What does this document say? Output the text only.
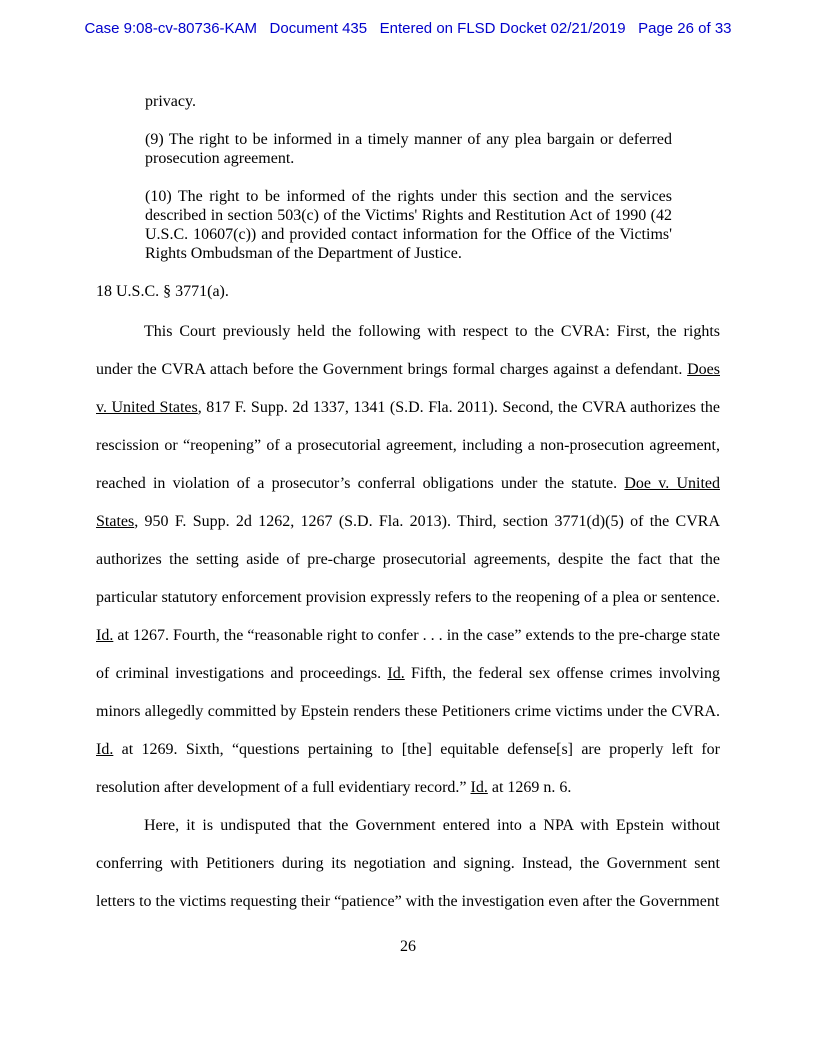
Case 9:08-cv-80736-KAM   Document 435   Entered on FLSD Docket 02/21/2019   Page 26 of 33

privacy.

(9) The right to be informed in a timely manner of any plea bargain or deferred prosecution agreement.

(10) The right to be informed of the rights under this section and the services described in section 503(c) of the Victims' Rights and Restitution Act of 1990 (42 U.S.C. 10607(c)) and provided contact information for the Office of the Victims' Rights Ombudsman of the Department of Justice.

18 U.S.C. § 3771(a).

This Court previously held the following with respect to the CVRA: First, the rights under the CVRA attach before the Government brings formal charges against a defendant. Does v. United States, 817 F. Supp. 2d 1337, 1341 (S.D. Fla. 2011). Second, the CVRA authorizes the rescission or “reopening” of a prosecutorial agreement, including a non-prosecution agreement, reached in violation of a prosecutor’s conferral obligations under the statute. Doe v. United States, 950 F. Supp. 2d 1262, 1267 (S.D. Fla. 2013). Third, section 3771(d)(5) of the CVRA authorizes the setting aside of pre-charge prosecutorial agreements, despite the fact that the particular statutory enforcement provision expressly refers to the reopening of a plea or sentence. Id. at 1267. Fourth, the “reasonable right to confer . . . in the case” extends to the pre-charge state of criminal investigations and proceedings. Id. Fifth, the federal sex offense crimes involving minors allegedly committed by Epstein renders these Petitioners crime victims under the CVRA. Id. at 1269. Sixth, “questions pertaining to [the] equitable defense[s] are properly left for resolution after development of a full evidentiary record.” Id. at 1269 n. 6.

Here, it is undisputed that the Government entered into a NPA with Epstein without conferring with Petitioners during its negotiation and signing. Instead, the Government sent letters to the victims requesting their “patience” with the investigation even after the Government

26
